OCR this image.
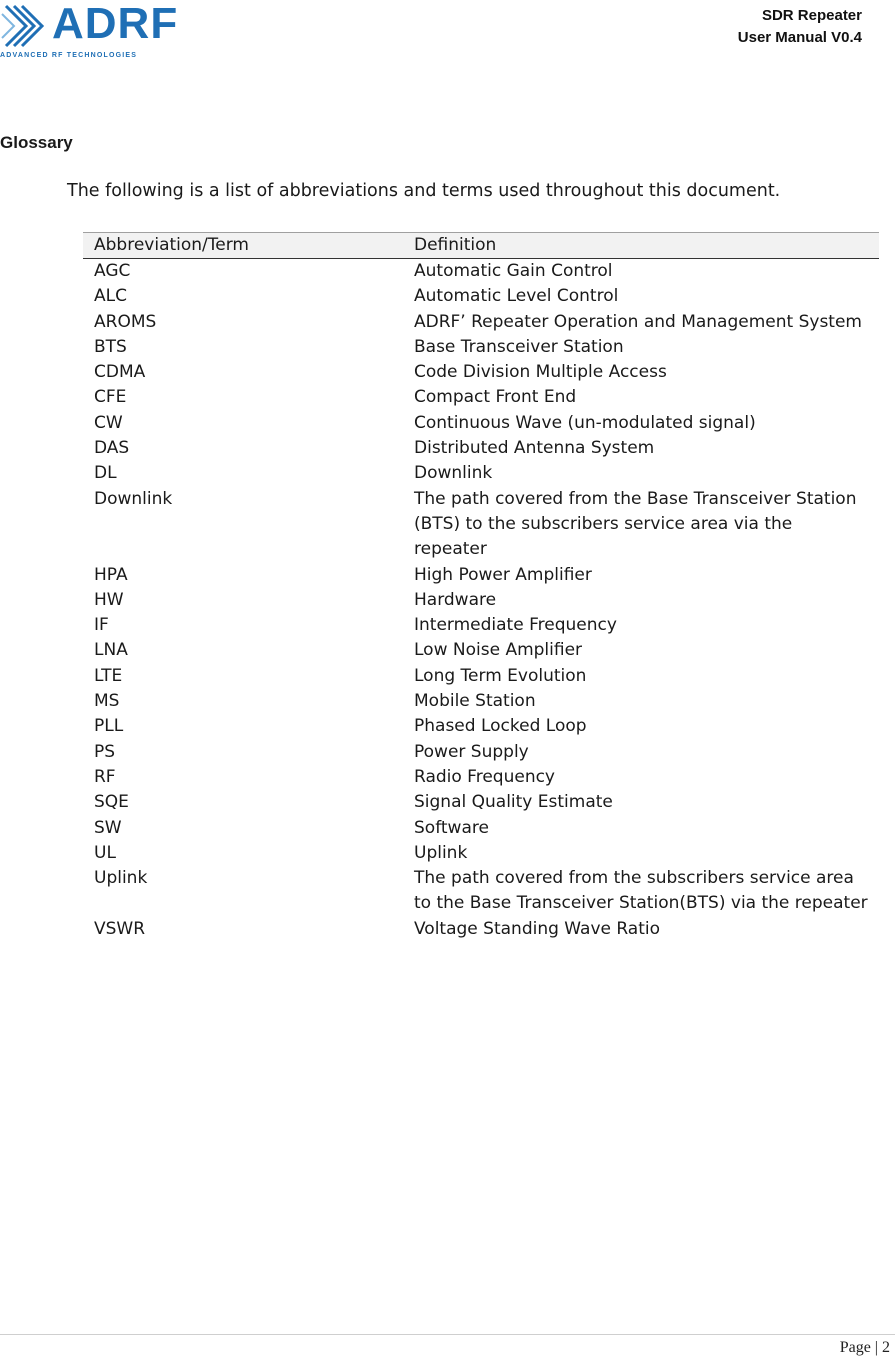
ADRF
ADVANCED RF TECHNOLOGIES
SDR Repeater
User Manual V0.4
Glossary

The following is a list of abbreviations and terms used throughout this document.

Abbreviation/Term	Definition
AGC	Automatic Gain Control
ALC	Automatic Level Control
AROMS	ADRF’ Repeater Operation and Management System
BTS	Base Transceiver Station
CDMA	Code Division Multiple Access
CFE	Compact Front End
CW	Continuous Wave (un-modulated signal)
DAS	Distributed Antenna System
DL	Downlink
Downlink	The path covered from the Base Transceiver Station (BTS) to the subscribers service area via the repeater
HPA	High Power Amplifier
HW	Hardware
IF	Intermediate Frequency
LNA	Low Noise Amplifier
LTE	Long Term Evolution
MS	Mobile Station
PLL	Phased Locked Loop
PS	Power Supply
RF	Radio Frequency
SQE	Signal Quality Estimate
SW	Software
UL	Uplink
Uplink	The path covered from the subscribers service area to the Base Transceiver Station(BTS) via the repeater
VSWR	Voltage Standing Wave Ratio
Page | 2
